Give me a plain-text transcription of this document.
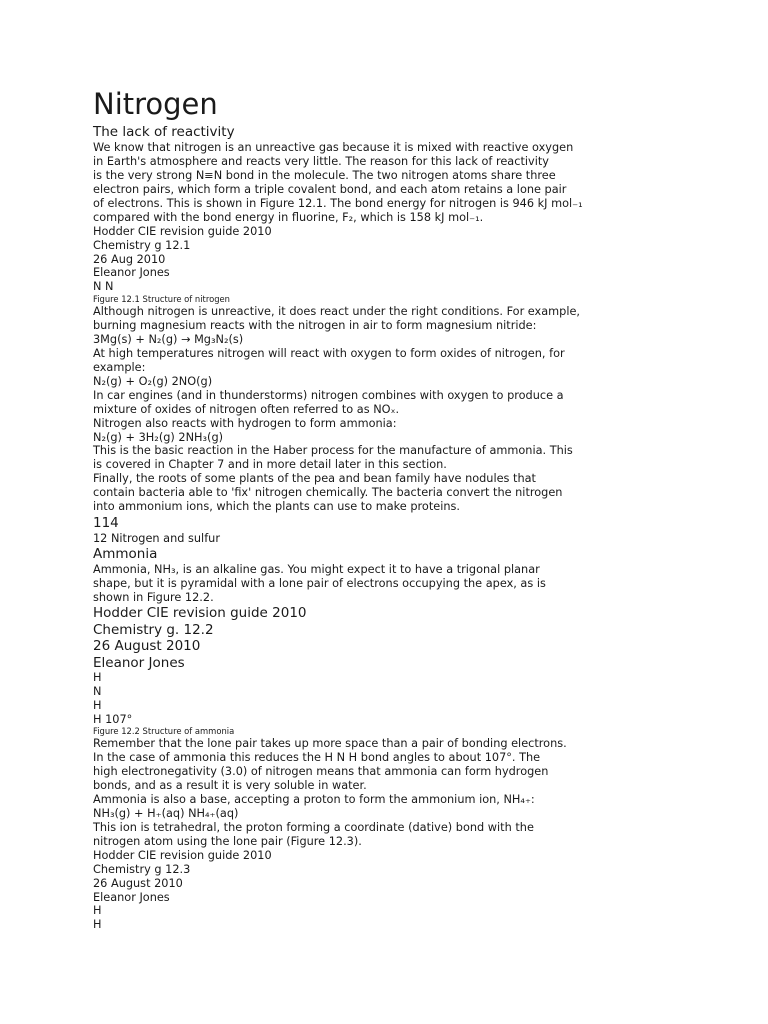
Nitrogen
The lack of reactivity

We know that nitrogen is an unreactive gas because it is mixed with reactive oxygen
in Earth's atmosphere and reacts very little. The reason for this lack of reactivity
is the very strong N≡N bond in the molecule. The two nitrogen atoms share three
electron pairs, which form a triple covalent bond, and each atom retains a lone pair
of electrons. This is shown in Figure 12.1. The bond energy for nitrogen is 946 kJ mol₋₁
compared with the bond energy in fluorine, F₂, which is 158 kJ mol₋₁.

Hodder CIE revision guide 2010
Chemistry g 12.1
26 Aug 2010
Eleanor Jones
N N
Figure 12.1 Structure of nitrogen

Although nitrogen is unreactive, it does react under the right conditions. For example,
burning magnesium reacts with the nitrogen in air to form magnesium nitride:

3Mg(s) + N₂(g) → Mg₃N₂(s)

At high temperatures nitrogen will react with oxygen to form oxides of nitrogen, for
example:

N₂(g) + O₂(g) 2NO(g)

In car engines (and in thunderstorms) nitrogen combines with oxygen to produce a
mixture of oxides of nitrogen often referred to as NOₓ.
Nitrogen also reacts with hydrogen to form ammonia:

N₂(g) + 3H₂(g) 2NH₃(g)

This is the basic reaction in the Haber process for the manufacture of ammonia. This
is covered in Chapter 7 and in more detail later in this section.
Finally, the roots of some plants of the pea and bean family have nodules that
contain bacteria able to 'fix' nitrogen chemically. The bacteria convert the nitrogen
into ammonium ions, which the plants can use to make proteins.

114
12 Nitrogen and sulfur
Ammonia

Ammonia, NH₃, is an alkaline gas. You might expect it to have a trigonal planar
shape, but it is pyramidal with a lone pair of electrons occupying the apex, as is
shown in Figure 12.2.

Hodder CIE revision guide 2010
Chemistry g. 12.2
26 August 2010
Eleanor Jones
H
N
H
H 107°
Figure 12.2 Structure of ammonia

Remember that the lone pair takes up more space than a pair of bonding electrons.
In the case of ammonia this reduces the H N H bond angles to about 107°. The
high electronegativity (3.0) of nitrogen means that ammonia can form hydrogen
bonds, and as a result it is very soluble in water.
Ammonia is also a base, accepting a proton to form the ammonium ion, NH₄₊:

NH₃(g) + H₊(aq) NH₄₊(aq)

This ion is tetrahedral, the proton forming a coordinate (dative) bond with the
nitrogen atom using the lone pair (Figure 12.3).

Hodder CIE revision guide 2010
Chemistry g 12.3
26 August 2010
Eleanor Jones
H
H
